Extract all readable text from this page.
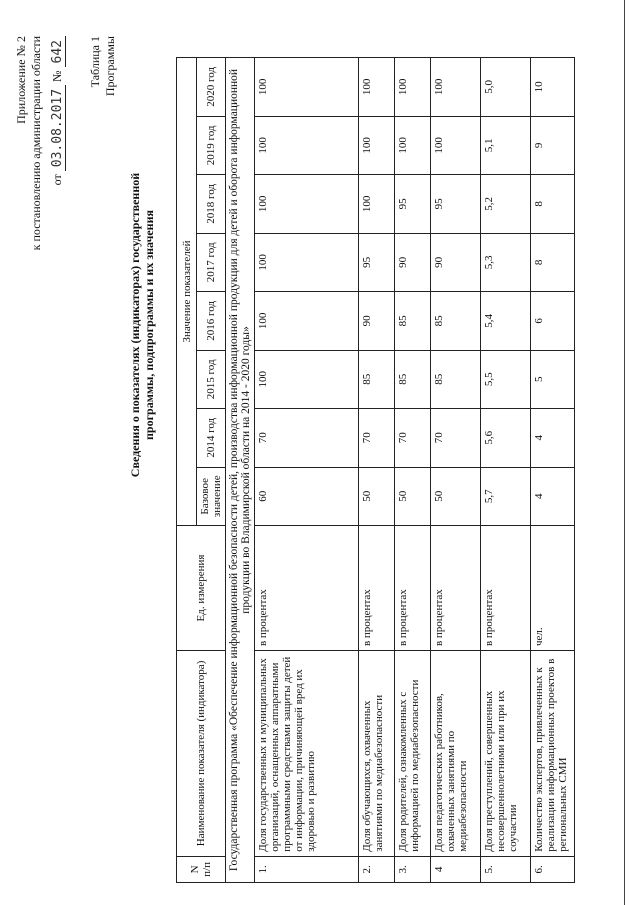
Приложение № 2 к постановлению администрации области от 03.08.2017 № 642 Таблица 1 Программы
Сведения о показателях (индикаторах) государственной программы, подпрограммы и их значения
N п/п	Наименование показателя (индикатора)	Ед. измерения	Значение показателей							
			Базовое значение	2014 год	2015 год	2016 год	2017 год	2018 год	2019 год	2020 год
Государственная программа «Обеспечение информационной безопасности детей, производства информационной продукции для детей и оборота информационной продукции во Владимирской области на 2014 - 2020 годы»										
1.	Доля государственных и муниципальных организаций, оснащенных аппаратными программными средствами защиты детей от информации, причиняющей вред их здоровью и развитию	в процентах	60	70	100	100	100	100	100	100
2.	Доля обучающихся, охваченных занятиями по медиабезопасности	в процентах	50	70	85	90	95	100	100	100
3.	Доля родителей, ознакомленных с информацией по медиабезопасности	в процентах	50	70	85	85	90	95	100	100
4	Доля педагогических работников, охваченных занятиями по медиабезопасности	в процентах	50	70	85	85	90	95	100	100
5.	Доля преступлений, совершенных несовершеннолетними или при их соучастии	в процентах	5,7	5,6	5,5	5,4	5,3	5,2	5,1	5,0
6.	Количество экспертов, привлеченных к реализации информационных проектов в региональных СМИ	чел.	4	4	5	6	8	8	9	10
